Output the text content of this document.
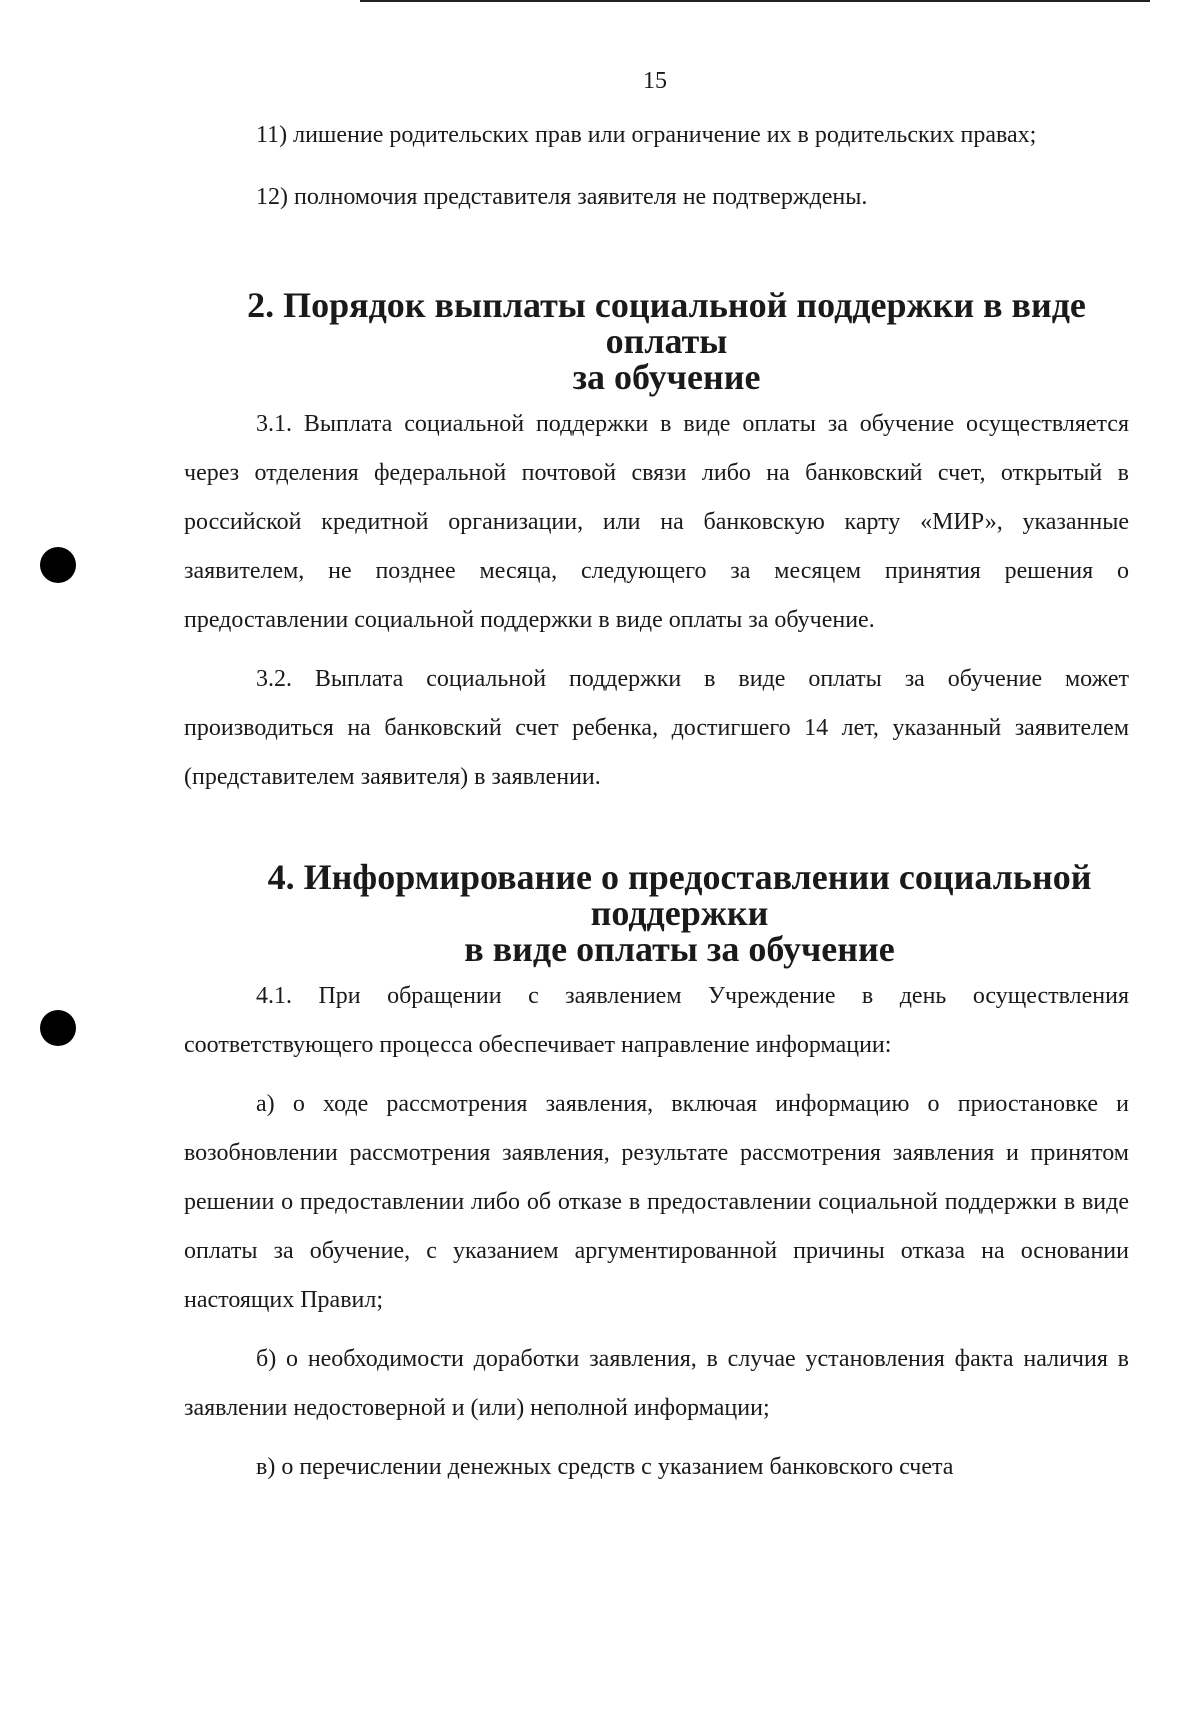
15

11) лишение родительских прав или ограничение их в родительских правах;

12) полномочия представителя заявителя не подтверждены.

2. Порядок выплаты социальной поддержки в виде оплаты
за обучение

3.1. Выплата социальной поддержки в виде оплаты за обучение осуществляется через отделения федеральной почтовой связи либо на банковский счет, открытый в российской кредитной организации, или на банковскую карту «МИР», указанные заявителем, не позднее месяца, следующего за месяцем принятия решения о предоставлении социальной поддержки в виде оплаты за обучение.

3.2. Выплата социальной поддержки в виде оплаты за обучение может производиться на банковский счет ребенка, достигшего 14 лет, указанный заявителем (представителем заявителя) в заявлении.

4. Информирование о предоставлении социальной поддержки
в виде оплаты за обучение

4.1. При обращении с заявлением Учреждение в день осуществления соответствующего процесса обеспечивает направление информации:

а) о ходе рассмотрения заявления, включая информацию о приостановке и возобновлении рассмотрения заявления, результате рассмотрения заявления и принятом решении о предоставлении либо об отказе в предоставлении социальной поддержки в виде оплаты за обучение, с указанием аргументированной причины отказа на основании настоящих Правил;

б) о необходимости доработки заявления, в случае установления факта наличия в заявлении недостоверной и (или) неполной информации;

в) о перечислении денежных средств с указанием банковского счета
